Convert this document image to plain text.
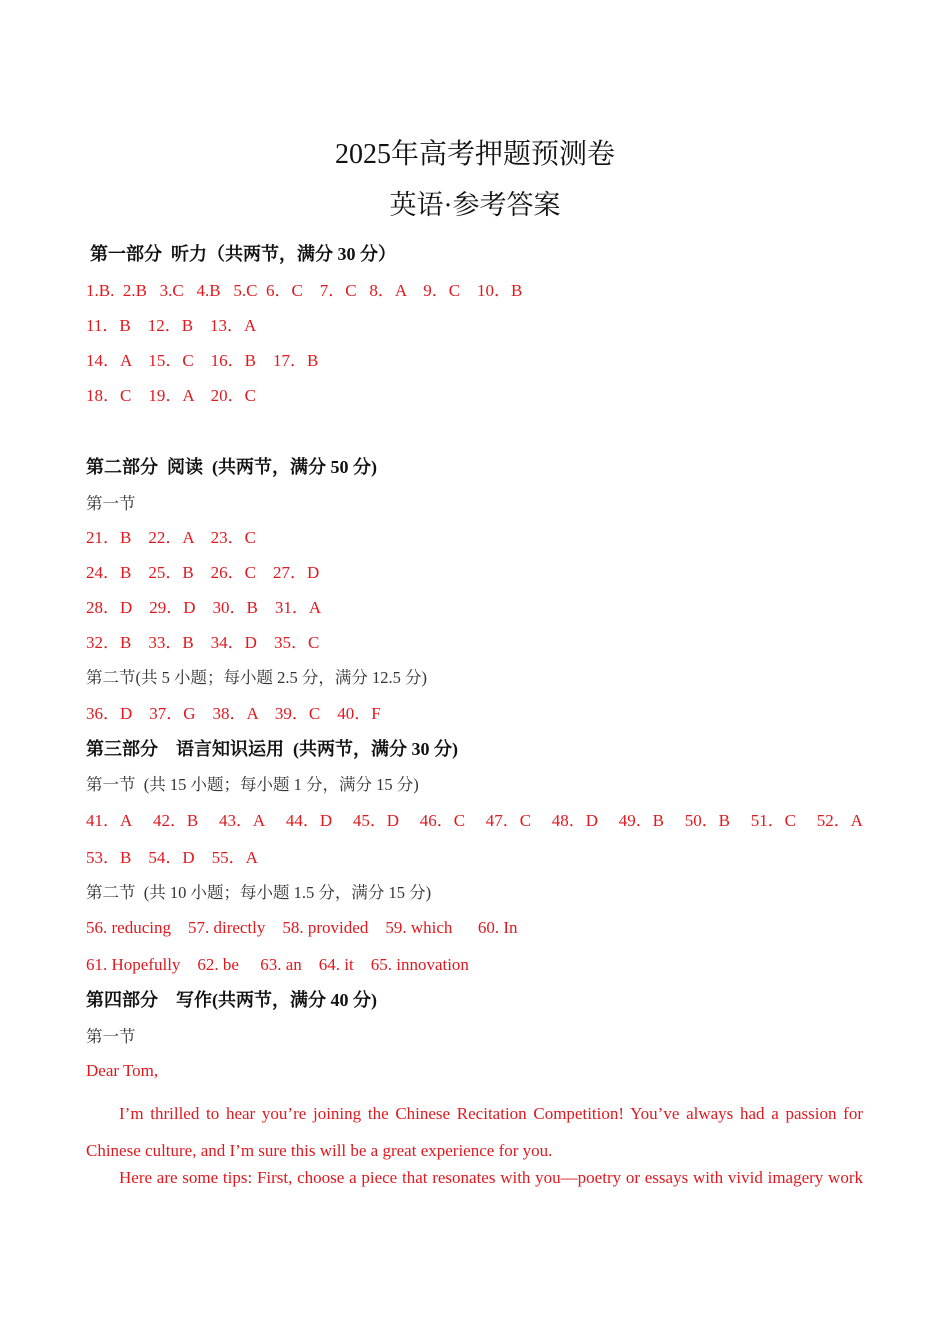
2025年高考押题预测卷
英语·参考答案
第一部分  听力（共两节，满分 30 分）
1.B.  2.B   3.C   4.B   5.C  6．C    7．C   8．A    9．C    10．B
11．B    12．B    13．A
14．A    15．C    16．B    17．B
18．C    19．A    20．C
第二部分  阅读  (共两节，满分 50 分)
第一节
21．B    22．A    23．C
24．B    25．B    26．C    27．D
28．D    29．D    30．B    31．A
32．B    33．B    34．D    35．C
第二节(共 5 小题；每小题 2.5 分，满分 12.5 分)
36．D    37．G    38．A    39．C    40．F
第三部分    语言知识运用  (共两节，满分 30 分)
第一节  (共 15 小题；每小题 1 分，满分 15 分)
41．A 42．B 43．A 44．D 45．D 46．C 47．C 48．D 49．B 50．B 51．C 52．A
53．B    54．D    55．A
第二节  (共 10 小题；每小题 1.5 分，满分 15 分)
56. reducing    57. directly    58. provided    59. which      60. In
61. Hopefully    62. be     63. an    64. it    65. innovation
第四部分    写作(共两节，满分 40 分)
第一节
Dear Tom,
I’m thrilled to hear you’re joining the Chinese Recitation Competition! You’ve always had a passion for Chinese culture, and I’m sure this will be a great experience for you.
Here are some tips: First, choose a piece that resonates with you—poetry or essays with vivid imagery work
